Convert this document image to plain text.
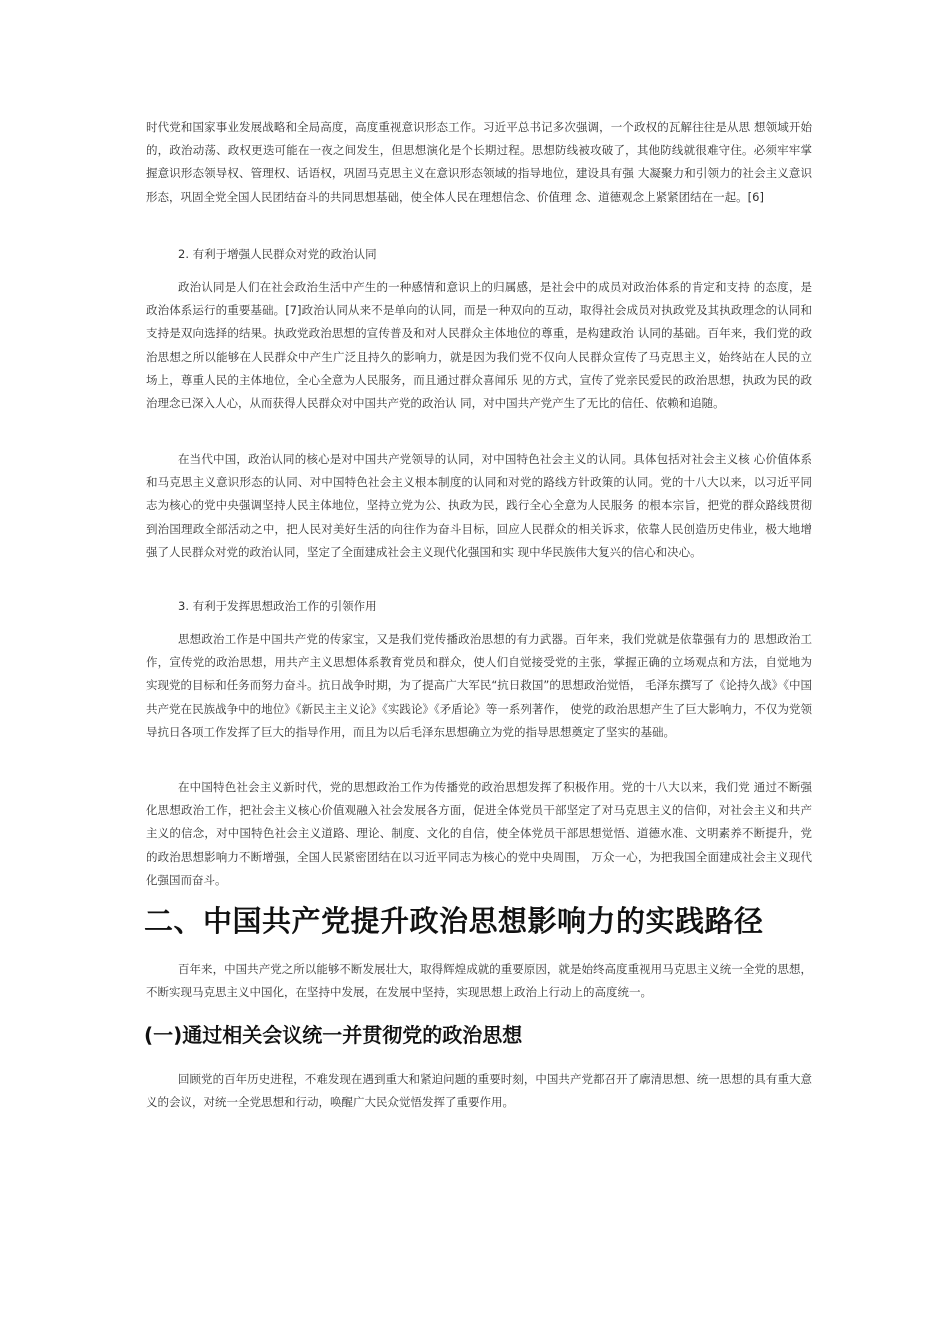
时代党和国家事业发展战略和全局高度，高度重视意识形态工作。习近平总书记多次强调，一个政权的瓦解往往是从思 想领域开始的，政治动荡、政权更迭可能在一夜之间发生，但思想演化是个长期过程。思想防线被攻破了，其他防线就很难守住。必须牢牢掌握意识形态领导权、管理权、话语权，巩固马克思主义在意识形态领域的指导地位，建设具有强 大凝聚力和引领力的社会主义意识形态，巩固全党全国人民团结奋斗的共同思想基础，使全体人民在理想信念、价值理 念、道德观念上紧紧团结在一起。[6]

2. 有利于增强人民群众对党的政治认同

政治认同是人们在社会政治生活中产生的一种感情和意识上的归属感，是社会中的成员对政治体系的肯定和支持 的态度，是政治体系运行的重要基础。[7]政治认同从来不是单向的认同，而是一种双向的互动，取得社会成员对执政党及其执政理念的认同和支持是双向选择的结果。执政党政治思想的宣传普及和对人民群众主体地位的尊重，是构建政治 认同的基础。百年来，我们党的政治思想之所以能够在人民群众中产生广泛且持久的影响力，就是因为我们党不仅向人民群众宣传了马克思主义，始终站在人民的立场上，尊重人民的主体地位，全心全意为人民服务，而且通过群众喜闻乐 见的方式，宣传了党亲民爱民的政治思想，执政为民的政治理念已深入人心，从而获得人民群众对中国共产党的政治认 同，对中国共产党产生了无比的信任、依赖和追随。

在当代中国，政治认同的核心是对中国共产党领导的认同，对中国特色社会主义的认同。具体包括对社会主义核 心价值体系和马克思主义意识形态的认同、对中国特色社会主义根本制度的认同和对党的路线方针政策的认同。党的十八大以来，以习近平同志为核心的党中央强调坚持人民主体地位，坚持立党为公、执政为民，践行全心全意为人民服务 的根本宗旨，把党的群众路线贯彻到治国理政全部活动之中，把人民对美好生活的向往作为奋斗目标，回应人民群众的相关诉求，依靠人民创造历史伟业，极大地增强了人民群众对党的政治认同，坚定了全面建成社会主义现代化强国和实 现中华民族伟大复兴的信心和决心。

3. 有利于发挥思想政治工作的引领作用

思想政治工作是中国共产党的传家宝，又是我们党传播政治思想的有力武器。百年来，我们党就是依靠强有力的 思想政治工作，宣传党的政治思想，用共产主义思想体系教育党员和群众，使人们自觉接受党的主张，掌握正确的立场观点和方法，自觉地为实现党的目标和任务而努力奋斗。抗日战争时期，为了提高广大军民“抗日救国”的思想政治觉悟， 毛泽东撰写了《论持久战》《中国共产党在民族战争中的地位》《新民主主义论》《实践论》《矛盾论》等一系列著作， 使党的政治思想产生了巨大影响力，不仅为党领导抗日各项工作发挥了巨大的指导作用，而且为以后毛泽东思想确立为党的指导思想奠定了坚实的基础。

在中国特色社会主义新时代，党的思想政治工作为传播党的政治思想发挥了积极作用。党的十八大以来，我们党 通过不断强化思想政治工作，把社会主义核心价值观融入社会发展各方面，促进全体党员干部坚定了对马克思主义的信仰，对社会主义和共产主义的信念，对中国特色社会主义道路、理论、制度、文化的自信，使全体党员干部思想觉悟、道德水准、文明素养不断提升，党的政治思想影响力不断增强，全国人民紧密团结在以习近平同志为核心的党中央周围， 万众一心，为把我国全面建成社会主义现代化强国而奋斗。

二、中国共产党提升政治思想影响力的实践路径

百年来，中国共产党之所以能够不断发展壮大，取得辉煌成就的重要原因，就是始终高度重视用马克思主义统一全党的思想，不断实现马克思主义中国化，在坚持中发展，在发展中坚持，实现思想上政治上行动上的高度统一。

(一)通过相关会议统一并贯彻党的政治思想

回顾党的百年历史进程，不难发现在遇到重大和紧迫问题的重要时刻，中国共产党都召开了廓清思想、统一思想的具有重大意义的会议，对统一全党思想和行动，唤醒广大民众觉悟发挥了重要作用。
